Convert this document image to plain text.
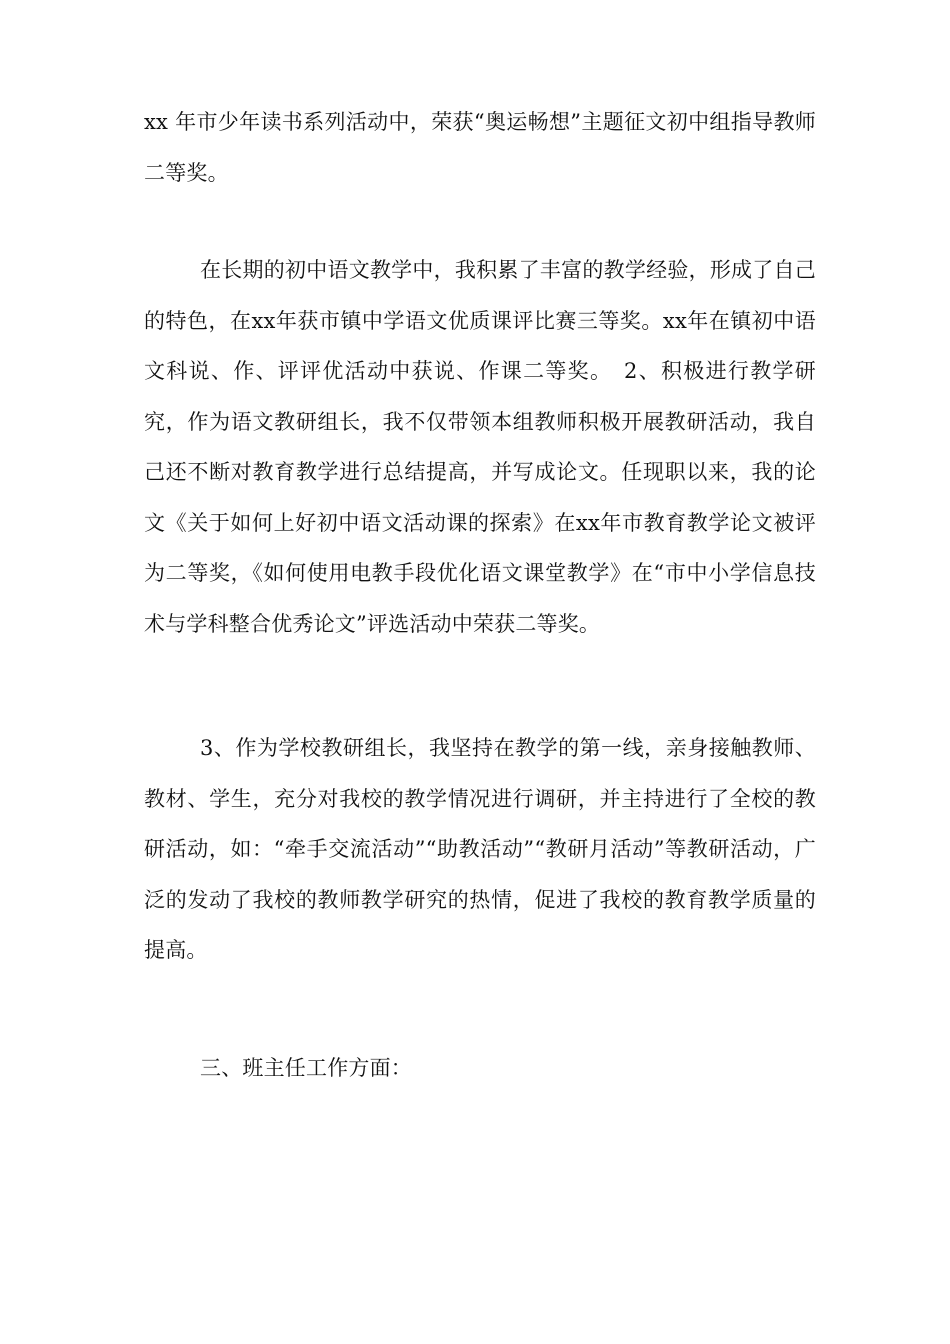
xx 年市少年读书系列活动中，荣获“奥运畅想”主题征文初中组指导教师二等奖。

在长期的初中语文教学中，我积累了丰富的教学经验，形成了自己的特色，在xx年获市镇中学语文优质课评比赛三等奖。xx年在镇初中语文科说、作、评评优活动中获说、作课二等奖。　2、积极进行教学研究，作为语文教研组长，我不仅带领本组教师积极开展教研活动，我自己还不断对教育教学进行总结提高，并写成论文。任现职以来，我的论文《关于如何上好初中语文活动课的探索》在xx年市教育教学论文被评为二等奖，《如何使用电教手段优化语文课堂教学》在“市中小学信息技术与学科整合优秀论文”评选活动中荣获二等奖。

3、作为学校教研组长，我坚持在教学的第一线，亲身接触教师、教材、学生，充分对我校的教学情况进行调研，并主持进行了全校的教研活动，如：“牵手交流活动”“助教活动”“教研月活动”等教研活动，广泛的发动了我校的教师教学研究的热情，促进了我校的教育教学质量的提高。

三、班主任工作方面：
